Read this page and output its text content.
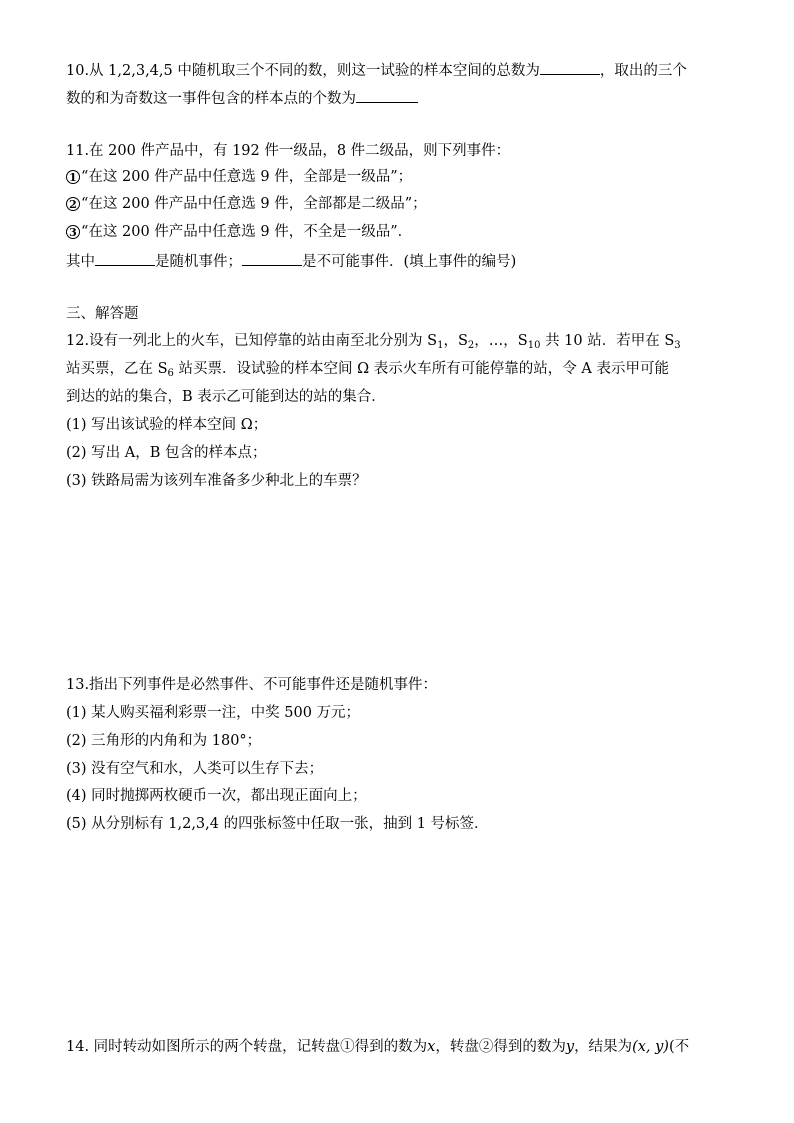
10.从 1,2,3,4,5 中随机取三个不同的数，则这一试验的样本空间的总数为	，取出的三个
数的和为奇数这一事件包含的样本点的个数为
11.在 200 件产品中，有 192 件一级品，8 件二级品，则下列事件：
1 “在这 200 件产品中任意选 9 件，全部是一级品”；
2 “在这 200 件产品中任意选 9 件，全部都是二级品”；
3 “在这 200 件产品中任意选 9 件，不全是一级品”．
其中	是随机事件；	是不可能事件．(填上事件的编号)
三、解答题
12.设有一列北上的火车，已知停靠的站由南至北分别为 $S_1$，$S_2$，…，$S_{10}$ 共 10 站．若甲在 $S_3$
站买票，乙在 $S_6$ 站买票．设试验的样本空间 Ω 表示火车所有可能停靠的站，令 A 表示甲可能
到达的站的集合，B 表示乙可能到达的站的集合．
(1) 写出该试验的样本空间 Ω；
(2) 写出 A，B 包含的样本点；
(3) 铁路局需为该列车准备多少种北上的车票？
13.指出下列事件是必然事件、不可能事件还是随机事件：
(1) 某人购买福利彩票一注，中奖 500 万元；
(2) 三角形的内角和为 180°；
(3) 没有空气和水，人类可以生存下去；
(4) 同时抛掷两枚硬币一次，都出现正面向上；
(5) 从分别标有 1,2,3,4 的四张标签中任取一张，抽到 1 号标签．
14. 同时转动如图所示的两个转盘，记转盘①得到的数为x，转盘②得到的数为y，结果为(x, y)(不
